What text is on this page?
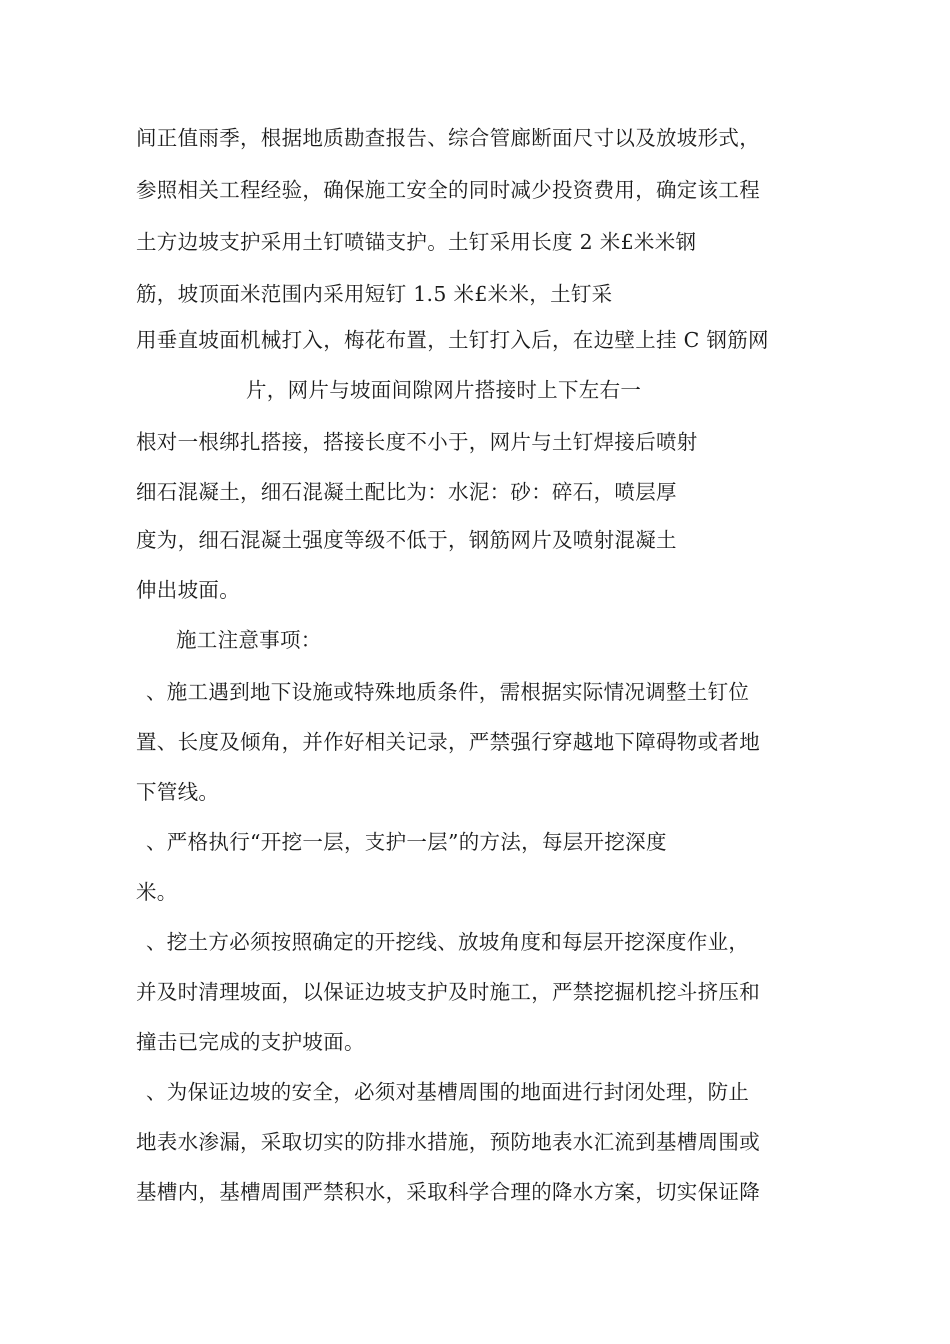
间正值雨季，根据地质勘查报告、综合管廊断面尺寸以及放坡形式，
参照相关工程经验，确保施工安全的同时减少投资费用，确定该工程
土方边坡支护采用土钉喷锚支护。土钉采用长度 2 米£米米钢
筋，坡顶面米范围内采用短钉 1.5 米£米米，土钉采
用垂直坡面机械打入，梅花布置，土钉打入后，在边壁上挂 C 钢筋网
片，网片与坡面间隙网片搭接时上下左右一
根对一根绑扎搭接，搭接长度不小于，网片与土钉焊接后喷射
细石混凝土，细石混凝土配比为：水泥：砂：碎石，喷层厚
度为，细石混凝土强度等级不低于，钢筋网片及喷射混凝土
伸出坡面。
施工注意事项：
、施工遇到地下设施或特殊地质条件，需根据实际情况调整土钉位
置、长度及倾角，并作好相关记录，严禁强行穿越地下障碍物或者地
下管线。
、严格执行“开挖一层，支护一层”的方法，每层开挖深度
米。
、挖土方必须按照确定的开挖线、放坡角度和每层开挖深度作业，
并及时清理坡面，以保证边坡支护及时施工，严禁挖掘机挖斗挤压和
撞击已完成的支护坡面。
、为保证边坡的安全，必须对基槽周围的地面进行封闭处理，防止
地表水渗漏，采取切实的防排水措施，预防地表水汇流到基槽周围或
基槽内，基槽周围严禁积水，采取科学合理的降水方案，切实保证降
